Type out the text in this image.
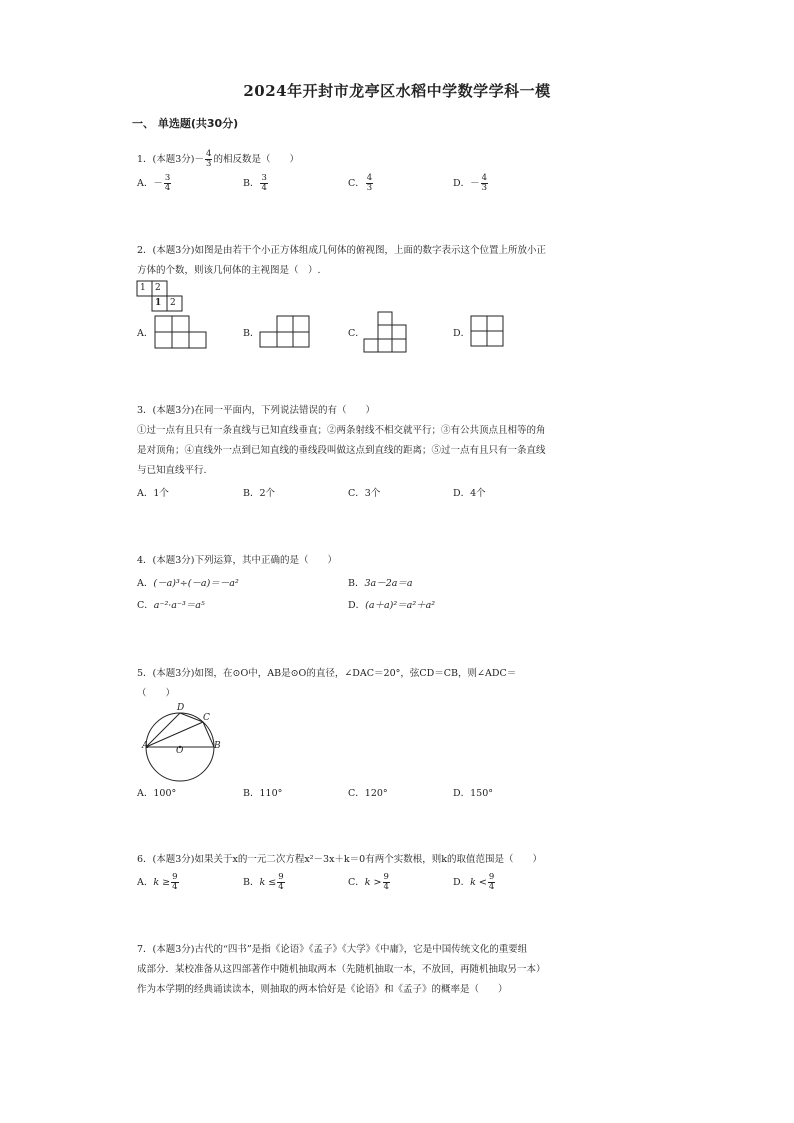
2024年开封市龙亭区水稻中学数学学科一模
一、 单选题(共30分)
1．(本题3分)－ $\frac{4}{3}$ 的相反数是（　　）
A．－ $\frac{3}{4}$	B． $\frac{3}{4}$	C． $\frac{4}{3}$	D．－ $\frac{4}{3}$
2．(本题3分)如图是由若干个小正方体组成几何体的俯视图，上面的数字表示这个位置上所放小正
方体的个数，则该几何体的主视图是（　）.
1 2
1 2
A．	B．	C．	D．
3．(本题3分)在同一平面内，下列说法错误的有（　　）
①过一点有且只有一条直线与已知直线垂直；②两条射线不相交就平行；③有公共顶点且相等的角
是对顶角；④直线外一点到已知直线的垂线段叫做这点到直线的距离；⑤过一点有且只有一条直线
与已知直线平行.
A．1个	B．2个	C．3个	D．4个
4．(本题3分)下列运算，其中正确的是（　　）
A．(－a)³÷(－a)＝－a²	B．3a－2a＝a
C．a⁻²·a⁻³＝a⁵	D．(a＋a)²＝a²＋a²
5．(本题3分)如图，在⊙O中，AB是⊙O的直径，∠DAC＝20°，弦CD＝CB，则∠ADC＝
（　　）
D
C
A	O	B
A．100°	B．110°	C．120°	D．150°
6．(本题3分)如果关于x的一元二次方程x²－3x＋k＝0有两个实数根，则k的取值范围是（　　）
A．$k \ge \frac{9}{4}$	B．$k \le \frac{9}{4}$	C．$k > \frac{9}{4}$	D．$k < \frac{9}{4}$
7．(本题3分)古代的“四书”是指《论语》《孟子》《大学》《中庸》，它是中国传统文化的重要组
成部分．某校准备从这四部著作中随机抽取两本（先随机抽取一本，不放回，再随机抽取另一本）
作为本学期的经典诵读读本，则抽取的两本恰好是《论语》和《孟子》的概率是（　　）
